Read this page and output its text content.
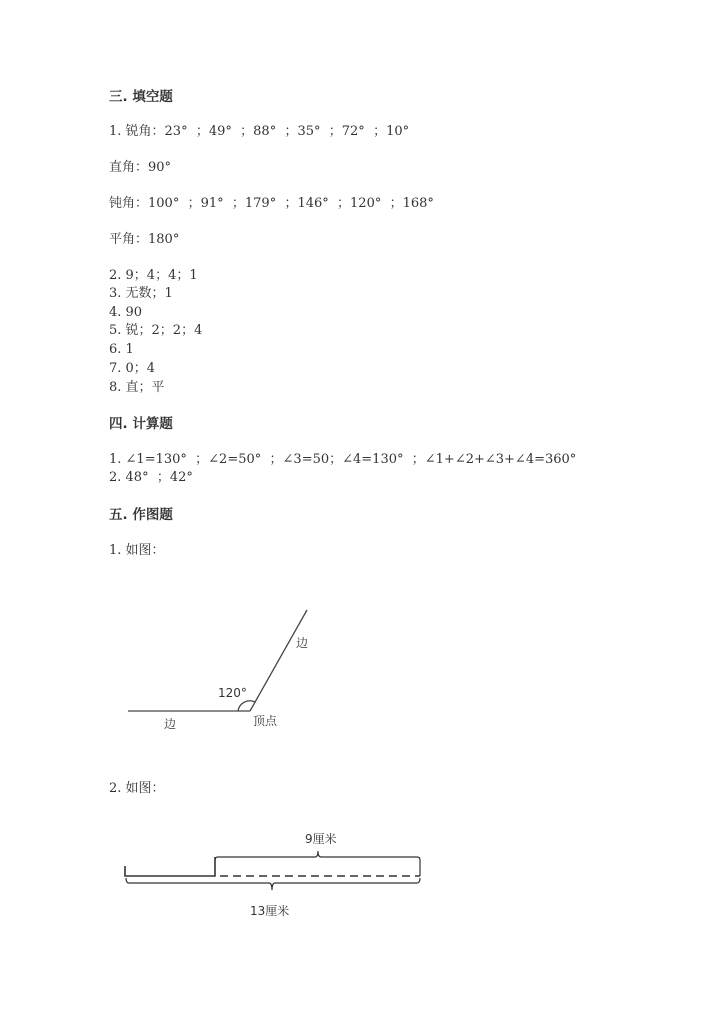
三. 填空题
1. 锐角：23°  ；49°  ；88°  ；35°  ；72°  ；10°
直角：90°
钝角：100°  ；91°  ；179°  ；146°  ；120°  ；168°
平角：180°
2. 9；4；4；1
3. 无数；1
4. 90
5. 锐；2；2；4
6. 1
7. 0；4
8. 直；平
四. 计算题
1. ∠1=130°  ；∠2=50°  ；∠3=50；∠4=130°  ；∠1+∠2+∠3+∠4=360°
2. 48°  ；42°
五. 作图题
1. 如图：
2. 如图：
120°
边
边	顶点
9厘米
13厘米
